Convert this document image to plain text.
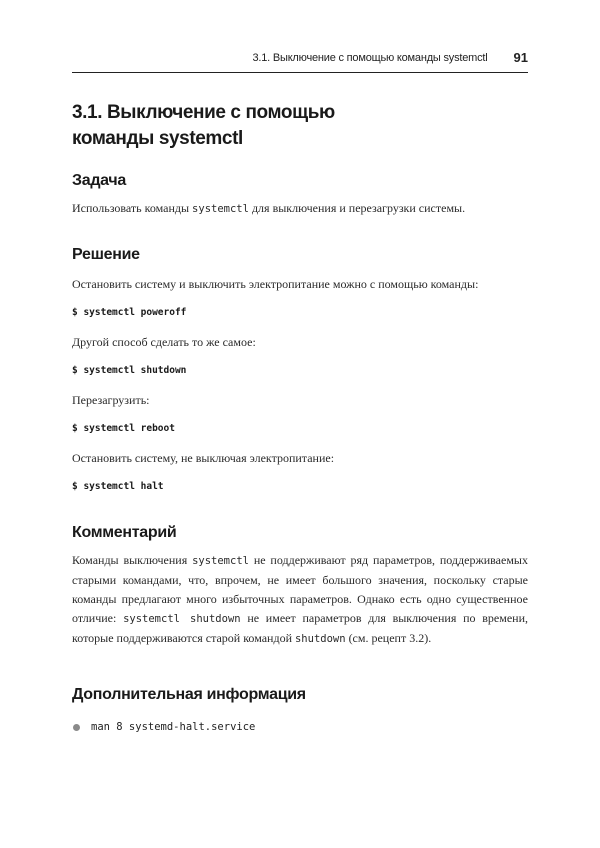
3.1. Выключение с помощью команды systemctl 91
3.1. Выключение с помощью
команды systemctl
Задача

Использовать команды systemctl для выключения и перезагрузки системы.

Решение

Остановить систему и выключить электропитание можно с помощью команды:

$ systemctl poweroff

Другой способ сделать то же самое:

$ systemctl shutdown

Перезагрузить:

$ systemctl reboot

Остановить систему, не выключая электропитание:

$ systemctl halt
Комментарий

Команды выключения systemctl не поддерживают ряд параметров, поддерживаемых старыми командами, что, впрочем, не имеет большого значения, поскольку старые команды предлагают много избыточных параметров. Однако есть одно существенное отличие: systemctl shutdown не имеет параметров для выключения по времени, которые поддерживаются старой командой shutdown (см. рецепт 3.2).

Дополнительная информация
man 8 systemd-halt.service
